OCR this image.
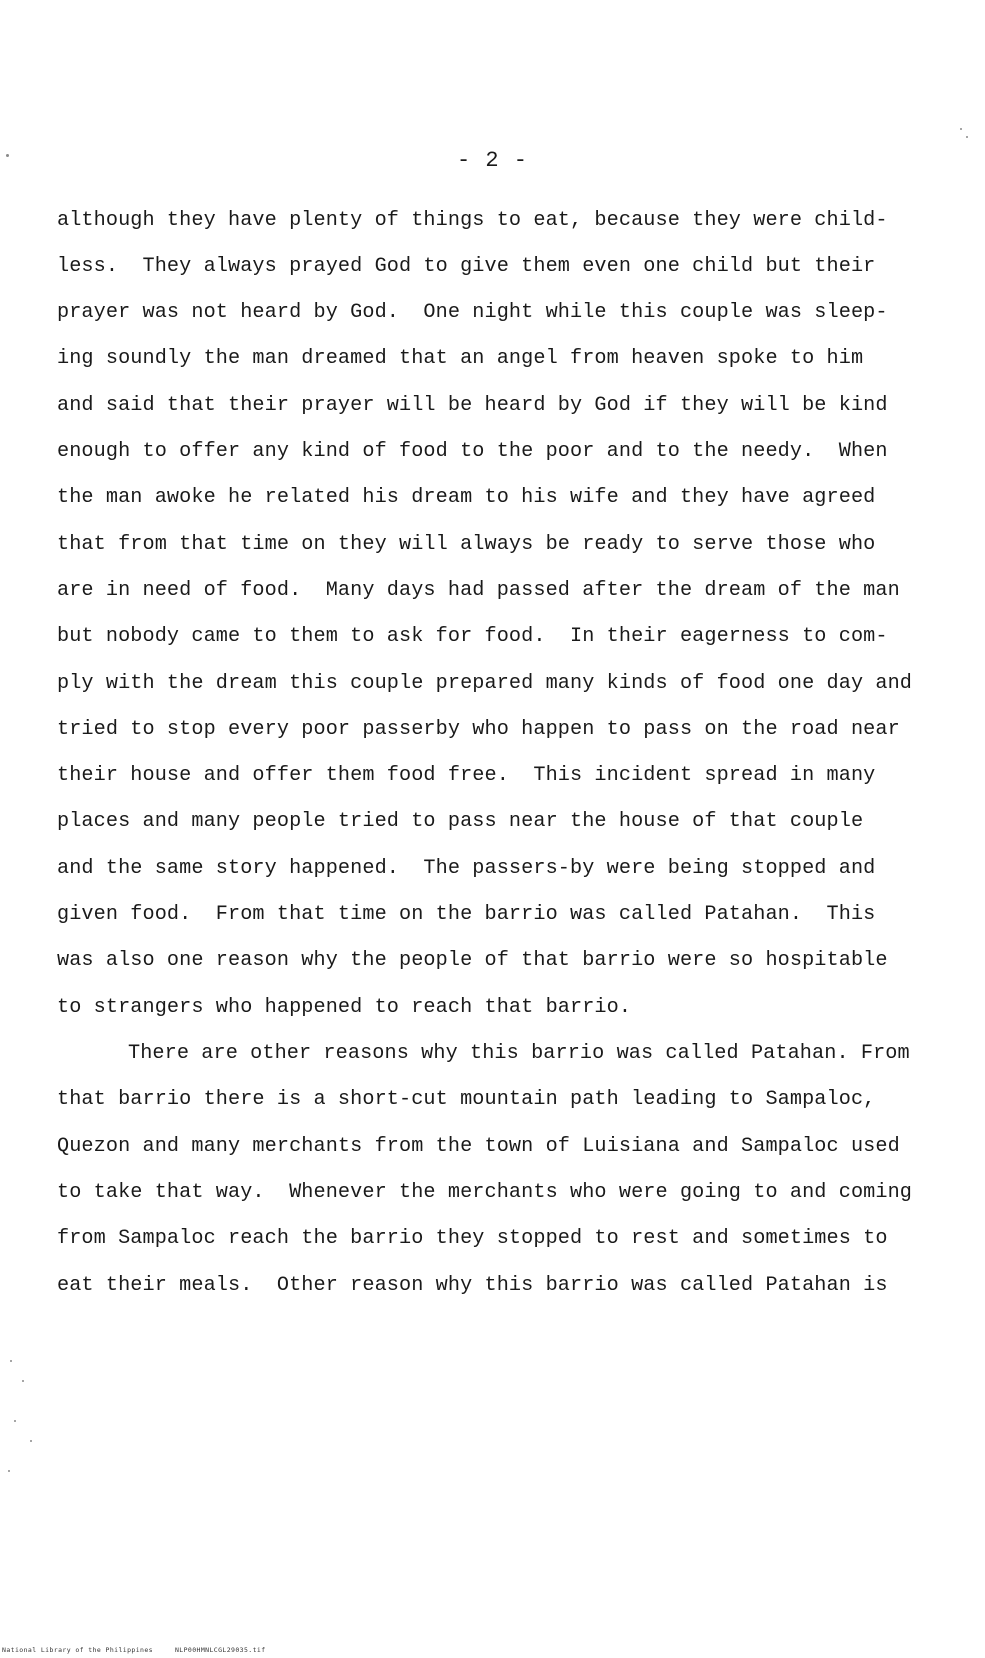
- 2 -
although they have plenty of things to eat, because they were child-
less.  They always prayed God to give them even one child but their
prayer was not heard by God.  One night while this couple was sleep-
ing soundly the man dreamed that an angel from heaven spoke to him
and said that their prayer will be heard by God if they will be kind
enough to offer any kind of food to the poor and to the needy.  When
the man awoke he related his dream to his wife and they have agreed
that from that time on they will always be ready to serve those who
are in need of food.  Many days had passed after the dream of the man
but nobody came to them to ask for food.  In their eagerness to com-
ply with the dream this couple prepared many kinds of food one day and
tried to stop every poor passerby who happen to pass on the road near
their house and offer them food free.  This incident spread in many
places and many people tried to pass near the house of that couple
and the same story happened.  The passers-by were being stopped and
given food.  From that time on the barrio was called Patahan.  This
was also one reason why the people of that barrio were so hospitable
to strangers who happened to reach that barrio.
There are other reasons why this barrio was called Patahan. From
that barrio there is a short-cut mountain path leading to Sampaloc,
Quezon and many merchants from the town of Luisiana and Sampaloc used
to take that way.  Whenever the merchants who were going to and coming
from Sampaloc reach the barrio they stopped to rest and sometimes to
eat their meals.  Other reason why this barrio was called Patahan is
National Library of the Philippines	NLP00HMNLCGL29035.tif
